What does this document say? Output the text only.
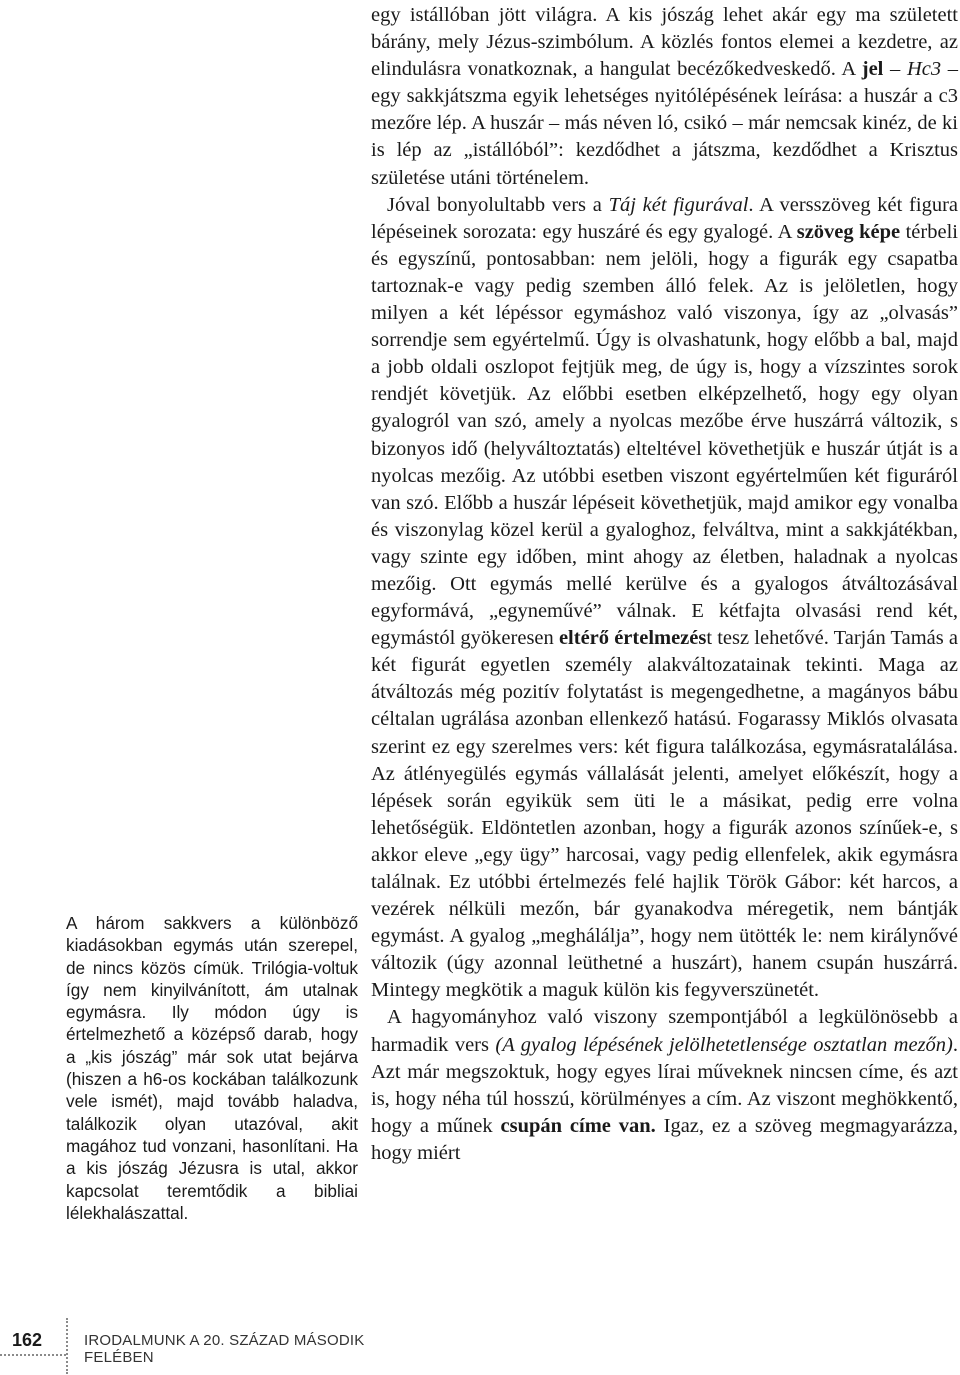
egy istállóban jött világra. A kis jószág lehet akár egy ma született bárány, mely Jézus-szimbólum. A közlés fontos elemei a kezdetre, az elindulásra vonatkoznak, a hangulat becézőkedveskedő. A jel – Hc3 – egy sakkjátszma egyik lehetséges nyitólépésének leírása: a huszár a c3 mezőre lép. A huszár – más néven ló, csikó – már nemcsak kinéz, de ki is lép az „istállóból”: kezdődhet a játszma, kezdődhet a Krisztus születése utáni történelem.

Jóval bonyolultabb vers a Táj két figurával. A versszöveg két figura lépéseinek sorozata: egy huszáré és egy gyalogé. A szöveg képe térbeli és egyszínű, pontosabban: nem jelöli, hogy a figurák egy csapatba tartoznak-e vagy pedig szemben álló felek. Az is jelöletlen, hogy milyen a két lépéssor egymáshoz való viszonya, így az „olvasás” sorrendje sem egyértelmű. Úgy is olvashatunk, hogy előbb a bal, majd a jobb oldali oszlopot fejtjük meg, de úgy is, hogy a vízszintes sorok rendjét követjük. Az előbbi esetben elképzelhető, hogy egy olyan gyalogról van szó, amely a nyolcas mezőbe érve huszárrá változik, s bizonyos idő (helyváltoztatás) elteltével követhetjük e huszár útját is a nyolcas mezőig. Az utóbbi esetben viszont egyértelműen két figuráról van szó. Előbb a huszár lépéseit követhetjük, majd amikor egy vonalba és viszonylag közel kerül a gyaloghoz, felváltva, mint a sakkjátékban, vagy szinte egy időben, mint ahogy az életben, haladnak a nyolcas mezőig. Ott egymás mellé kerülve és a gyalogos átváltozásával egyformává, „egyneművé” válnak. E kétfajta olvasási rend két, egymástól gyökeresen eltérő értelmezést tesz lehetővé. Tarján Tamás a két figurát egyetlen személy alakváltozatainak tekinti. Maga az átváltozás még pozitív folytatást is megengedhetne, a magányos bábu céltalan ugrálása azonban ellenkező hatású. Fogarassy Miklós olvasata szerint ez egy szerelmes vers: két figura találkozása, egymásratalálása. Az átlényegülés egymás vállalását jelenti, amelyet előkészít, hogy a lépések során egyikük sem üti le a másikat, pedig erre volna lehetőségük. Eldöntetlen azonban, hogy a figurák azonos színűek-e, s akkor eleve „egy ügy” harcosai, vagy pedig ellenfelek, akik egymásra találnak. Ez utóbbi értelmezés felé hajlik Török Gábor: két harcos, a vezérek nélküli mezőn, bár gyanakodva méregetik, nem bántják egymást. A gyalog „meghálálja”, hogy nem ütötték le: nem királynővé változik (úgy azonnal leüthetné a huszárt), hanem csupán huszárrá. Mintegy megkötik a maguk külön kis fegyverszünetét.

A hagyományhoz való viszony szempontjából a legkülönösebb a harmadik vers (A gyalog lépésének jelölhetetlensége osztatlan mezőn). Azt már megszoktuk, hogy egyes lírai műveknek nincsen címe, és azt is, hogy néha túl hosszú, körülményes a cím. Az viszont meghökkentő, hogy a műnek csupán címe van. Igaz, ez a szöveg megmagyarázza, hogy miért

A három sakkvers a különböző kiadásokban egymás után szerepel, de nincs közös címük. Trilógia-voltuk így nem kinyilvánított, ám utalnak egymásra. Ily módon úgy is értelmezhető a középső darab, hogy a „kis jószág” már sok utat bejárva (hiszen a h6-os kockában találkozunk vele ismét), majd tovább haladva, találkozik olyan utazóval, akit magához tud vonzani, hasonlítani. Ha a kis jószág Jézusra is utal, akkor kapcsolat teremtődik a bibliai lélekhalászattal.
162	IRODALMUNK A 20. SZÁZAD MÁSODIK FELÉBEN
